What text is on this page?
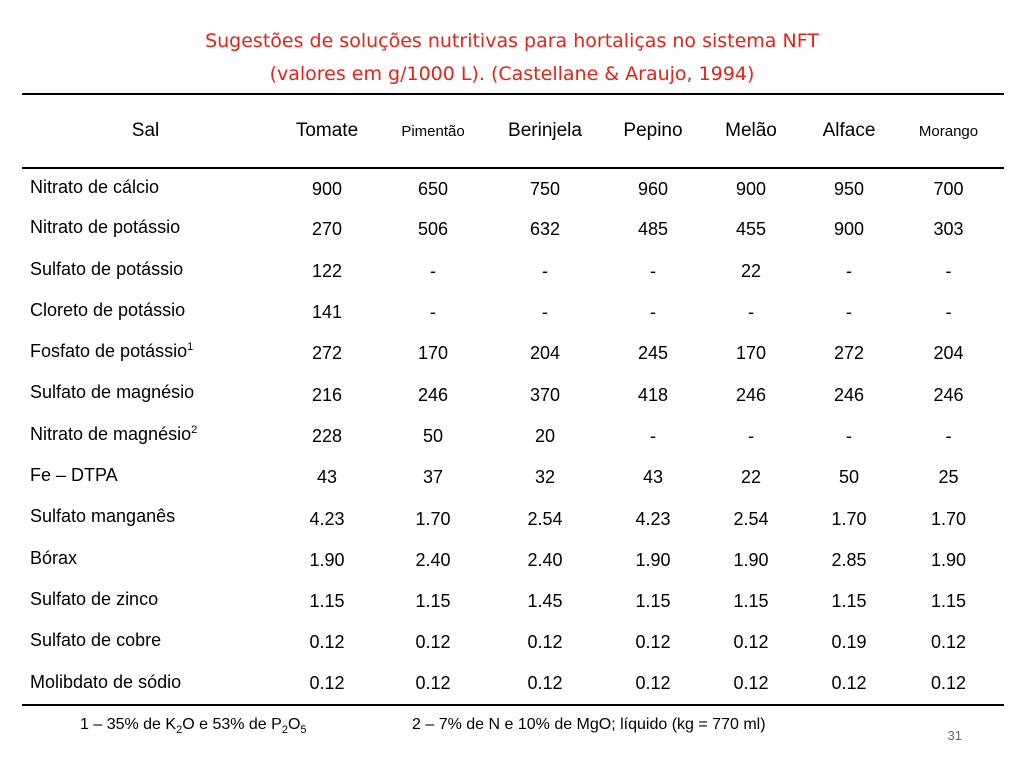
Sugestões de soluções nutritivas para hortaliças no sistema NFT
(valores em g/1000 L). (Castellane & Araujo, 1994)
Sal	Tomate	Pimentão	Berinjela	Pepino	Melão	Alface	Morango
Nitrato de cálcio	900	650	750	960	900	950	700
Nitrato de potássio	270	506	632	485	455	900	303
Sulfato de potássio	122	-	-	-	22	-	-
Cloreto de potássio	141	-	-	-	-	-	-
Fosfato de potássio$^1$	272	170	204	245	170	272	204
Sulfato de magnésio	216	246	370	418	246	246	246
Nitrato de magnésio$^2$	228	50	20	-	-	-	-
Fe – DTPA	43	37	32	43	22	50	25
Sulfato manganês	4.23	1.70	2.54	4.23	2.54	1.70	1.70
Bórax	1.90	2.40	2.40	1.90	1.90	2.85	1.90
Sulfato de zinco	1.15	1.15	1.45	1.15	1.15	1.15	1.15
Sulfato de cobre	0.12	0.12	0.12	0.12	0.12	0.19	0.12
Molibdato de sódio	0.12	0.12	0.12	0.12	0.12	0.12	0.12
1 – 35% de $K_2O$ e 53% de $P_2O_5$	2 – 7% de N e 10% de MgO; líquido (kg = 770 ml)
31
